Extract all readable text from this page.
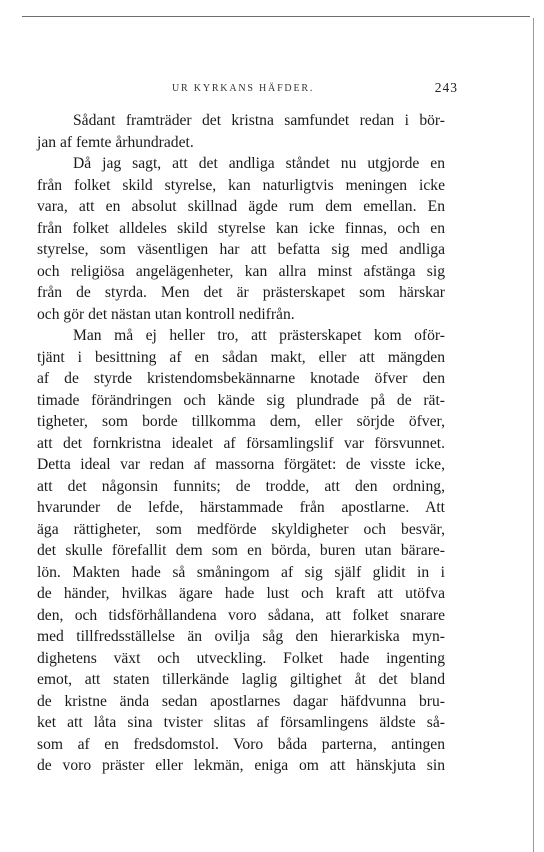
UR KYRKANS HÄFDER.	243
Sådant framträder det kristna samfundet redan i bör-
jan af femte århundradet.
Då jag sagt, att det andliga ståndet nu utgjorde en
från folket skild styrelse, kan naturligtvis meningen icke
vara, att en absolut skillnad ägde rum dem emellan. En
från folket alldeles skild styrelse kan icke finnas, och en
styrelse, som väsentligen har att befatta sig med andliga
och religiösa angelägenheter, kan allra minst afstänga sig
från de styrda. Men det är prästerskapet som härskar
och gör det nästan utan kontroll nedifrån.
Man må ej heller tro, att prästerskapet kom oför-
tjänt i besittning af en sådan makt, eller att mängden
af de styrde kristendomsbekännarne knotade öfver den
timade förändringen och kände sig plundrade på de rät-
tigheter, som borde tillkomma dem, eller sörjde öfver,
att det fornkristna idealet af församlingslif var försvunnet.
Detta ideal var redan af massorna förgätet: de visste icke,
att det någonsin funnits; de trodde, att den ordning,
hvarunder de lefde, härstammade från apostlarne. Att
äga rättigheter, som medförde skyldigheter och besvär,
det skulle förefallit dem som en börda, buren utan bärare-
lön. Makten hade så småningom af sig själf glidit in i
de händer, hvilkas ägare hade lust och kraft att utöfva
den, och tidsförhållandena voro sådana, att folket snarare
med tillfredsställelse än ovilja såg den hierarkiska myn-
dighetens växt och utveckling. Folket hade ingenting
emot, att staten tillerkände laglig giltighet åt det bland
de kristne ända sedan apostlarnes dagar häfdvunna bru-
ket att låta sina tvister slitas af församlingens äldste så-
som af en fredsdomstol. Voro båda parterna, antingen
de voro präster eller lekmän, eniga om att hänskjuta sin
